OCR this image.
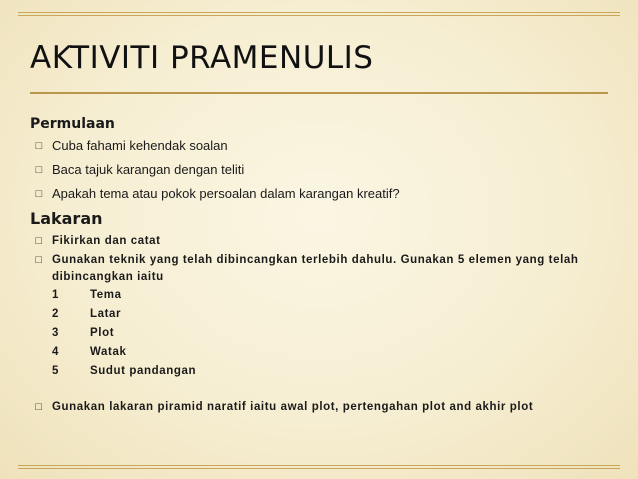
AKTIVITI PRAMENULIS
Permulaan
□ Cuba fahami kehendak soalan
□ Baca tajuk karangan dengan teliti
□ Apakah tema atau pokok persoalan dalam karangan kreatif?
Lakaran
□ Fikirkan dan catat
□ Gunakan teknik yang telah dibincangkan terlebih dahulu. Gunakan 5 elemen yang telah dibincangkan iaitu
1	Tema
2	Latar
3	Plot
4	Watak
5	Sudut pandangan
□ Gunakan lakaran piramid naratif iaitu awal plot, pertengahan plot and akhir plot
